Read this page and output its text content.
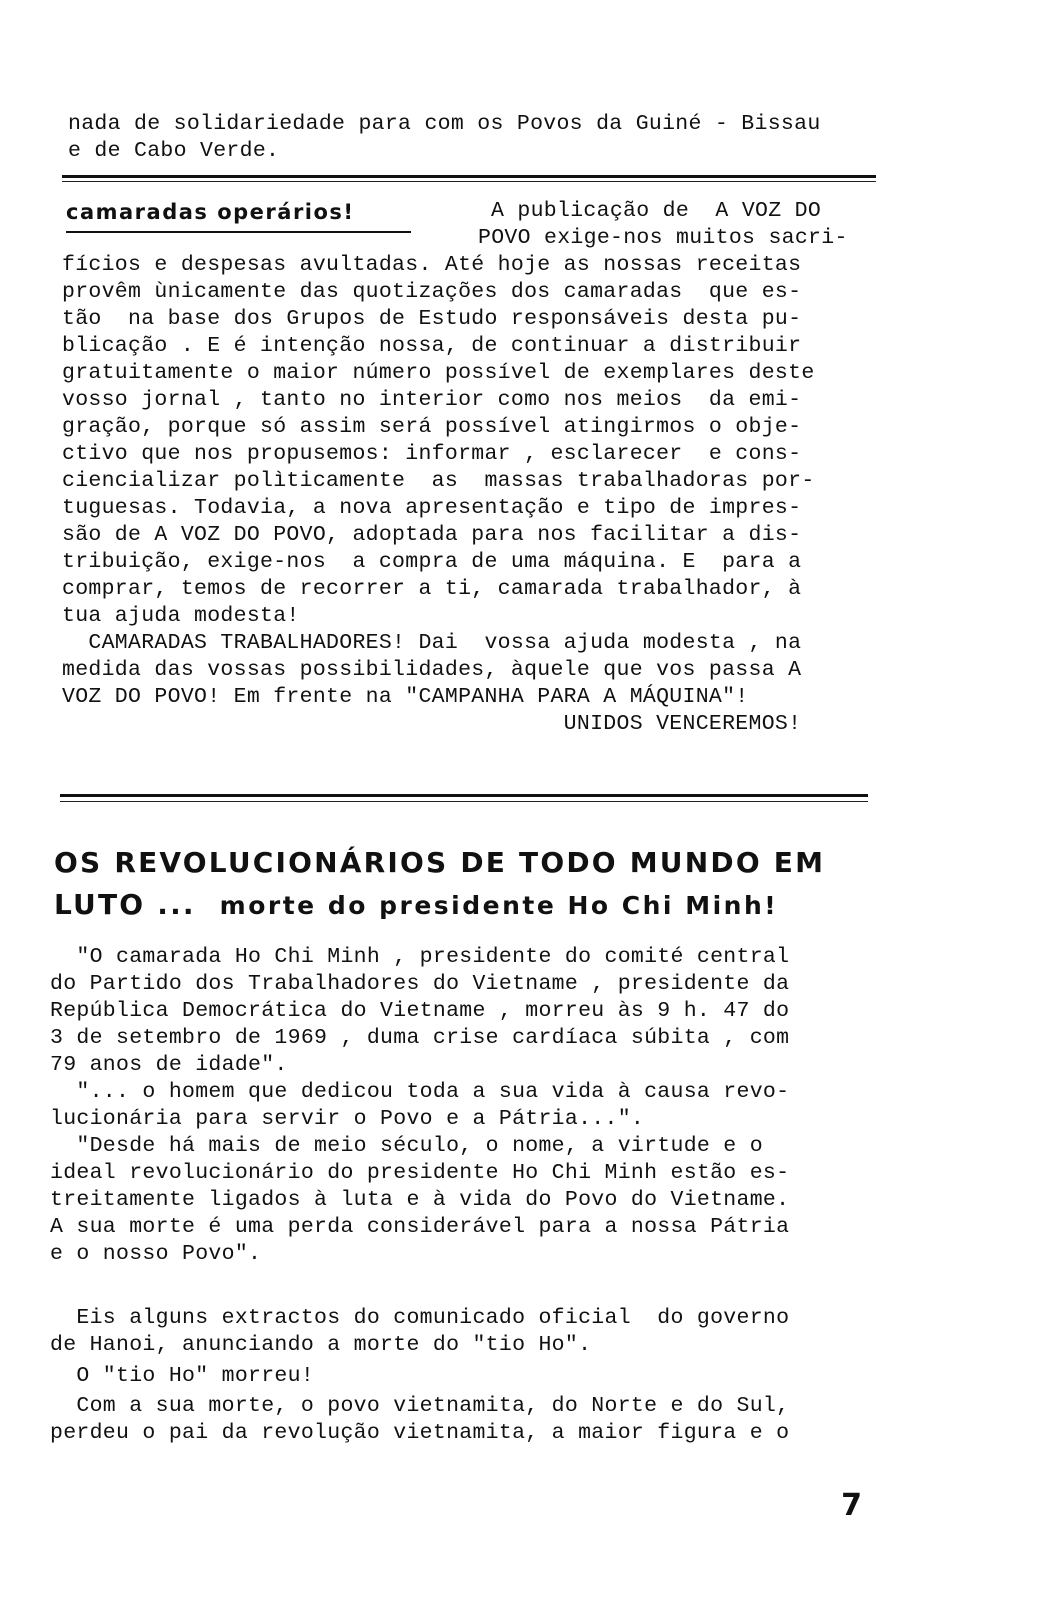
nada de solidariedade para com os Povos da Guiné - Bissau

e de Cabo Verde.

camaradas operários!	A publicação de  A VOZ DO

POVO exige-nos muitos sacri-

fícios e despesas avultadas. Até hoje as nossas receitas

provêm ùnicamente das quotizações dos camaradas  que es-

tão  na base dos Grupos de Estudo responsáveis desta pu-

blicação . E é intenção nossa, de continuar a distribuir

gratuitamente o maior número possível de exemplares deste

vosso jornal , tanto no interior como nos meios  da emi-

gração, porque só assim será possível atingirmos o obje-

ctivo que nos propusemos: informar , esclarecer  e cons-

ciencializar polìticamente  as  massas trabalhadoras por-

tuguesas. Todavia, a nova apresentação e tipo de impres-

são de A VOZ DO POVO, adoptada para nos facilitar a dis-

tribuição, exige-nos  a compra de uma máquina. E  para a

comprar, temos de recorrer a ti, camarada trabalhador, à

tua ajuda modesta!

CAMARADAS TRABALHADORES! Dai  vossa ajuda modesta , na

medida das vossas possibilidades, àquele que vos passa A

VOZ DO POVO! Em frente na "CAMPANHA PARA A MÁQUINA"!

UNIDOS VENCEREMOS!

OS REVOLUCIONÁRIOS DE TODO MUNDO EM

LUTO ... morte do presidente Ho Chi Minh!

"O camarada Ho Chi Minh , presidente do comité central

do Partido dos Trabalhadores do Vietname , presidente da

República Democrática do Vietname , morreu às 9 h. 47 do

3 de setembro de 1969 , duma crise cardíaca súbita , com

79 anos de idade".

"... o homem que dedicou toda a sua vida à causa revo-

lucionária para servir o Povo e a Pátria...".

"Desde há mais de meio século, o nome, a virtude e o

ideal revolucionário do presidente Ho Chi Minh estão es-

treitamente ligados à luta e à vida do Povo do Vietname.

A sua morte é uma perda considerável para a nossa Pátria

e o nosso Povo".

Eis alguns extractos do comunicado oficial  do governo

de Hanoi, anunciando a morte do "tio Ho".

O "tio Ho" morreu!

Com a sua morte, o povo vietnamita, do Norte e do Sul,

perdeu o pai da revolução vietnamita, a maior figura e o

7
